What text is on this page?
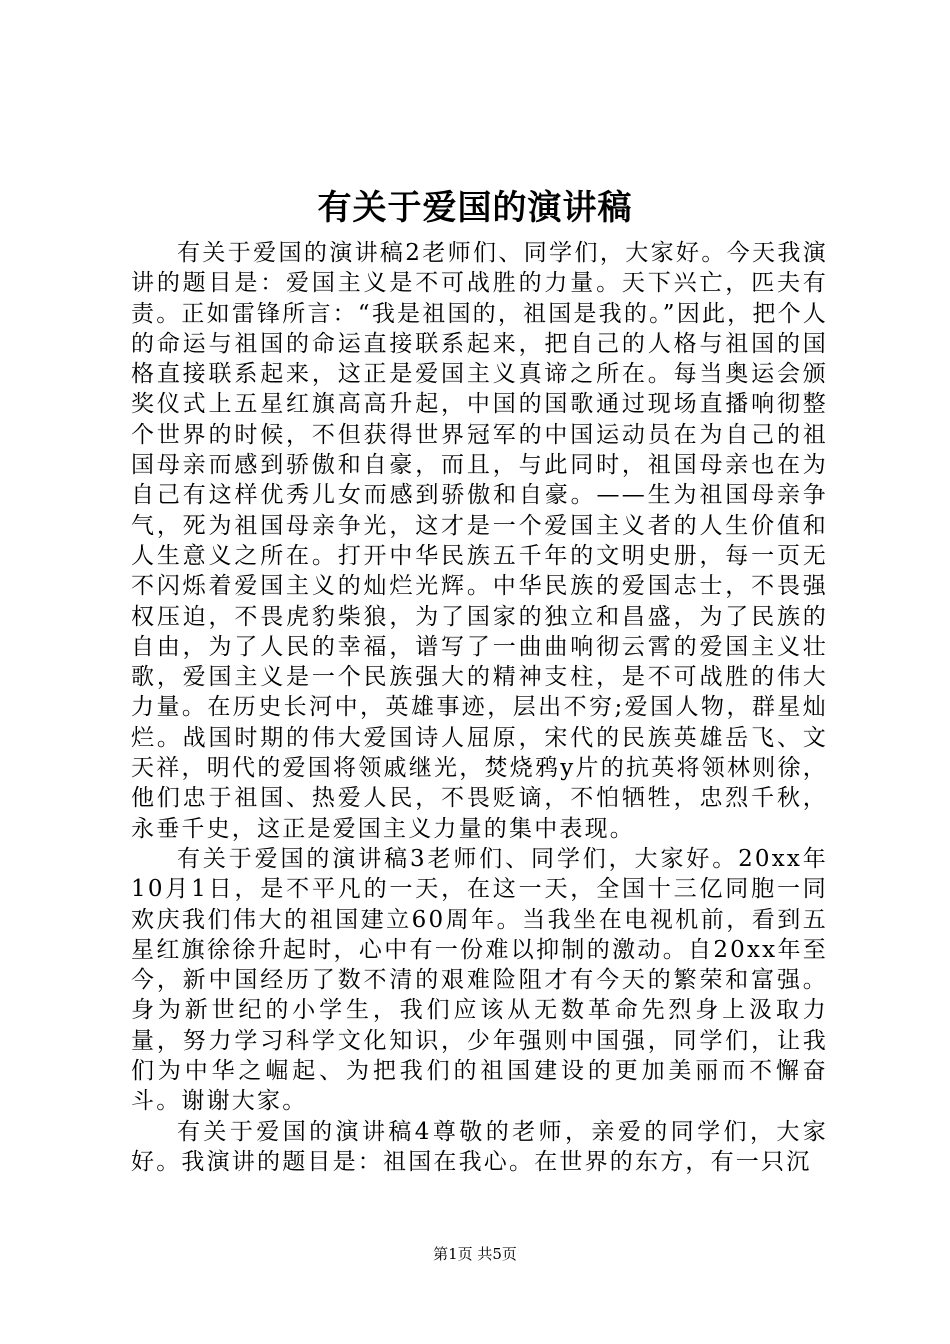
有关于爱国的演讲稿

有关于爱国的演讲稿2老师们、同学们，大家好。今天我演讲的题目是：爱国主义是不可战胜的力量。天下兴亡，匹夫有责。正如雷锋所言：“我是祖国的，祖国是我的。”因此，把个人的命运与祖国的命运直接联系起来，把自己的人格与祖国的国格直接联系起来，这正是爱国主义真谛之所在。每当奥运会颁奖仪式上五星红旗高高升起，中国的国歌通过现场直播响彻整个世界的时候，不但获得世界冠军的中国运动员在为自己的祖国母亲而感到骄傲和自豪，而且，与此同时，祖国母亲也在为自己有这样优秀儿女而感到骄傲和自豪。——生为祖国母亲争气，死为祖国母亲争光，这才是一个爱国主义者的人生价值和人生意义之所在。打开中华民族五千年的文明史册，每一页无不闪烁着爱国主义的灿烂光辉。中华民族的爱国志士，不畏强权压迫，不畏虎豹柴狼，为了国家的独立和昌盛，为了民族的自由，为了人民的幸福，谱写了一曲曲响彻云霄的爱国主义壮歌，爱国主义是一个民族强大的精神支柱，是不可战胜的伟大力量。在历史长河中，英雄事迹，层出不穷;爱国人物，群星灿烂。战国时期的伟大爱国诗人屈原，宋代的民族英雄岳飞、文天祥，明代的爱国将领戚继光，焚烧鸦y片的抗英将领林则徐，他们忠于祖国、热爱人民，不畏贬谪，不怕牺牲，忠烈千秋，永垂千史，这正是爱国主义力量的集中表现。

有关于爱国的演讲稿3老师们、同学们，大家好。20xx年10月1日，是不平凡的一天，在这一天，全国十三亿同胞一同欢庆我们伟大的祖国建立60周年。当我坐在电视机前，看到五星红旗徐徐升起时，心中有一份难以抑制的激动。自20xx年至今，新中国经历了数不清的艰难险阻才有今天的繁荣和富强。身为新世纪的小学生，我们应该从无数革命先烈身上汲取力量，努力学习科学文化知识，少年强则中国强，同学们，让我们为中华之崛起、为把我们的祖国建设的更加美丽而不懈奋斗。谢谢大家。

有关于爱国的演讲稿4尊敬的老师，亲爱的同学们，大家好。我演讲的题目是：祖国在我心。在世界的东方，有一只沉

第1页 共5页
